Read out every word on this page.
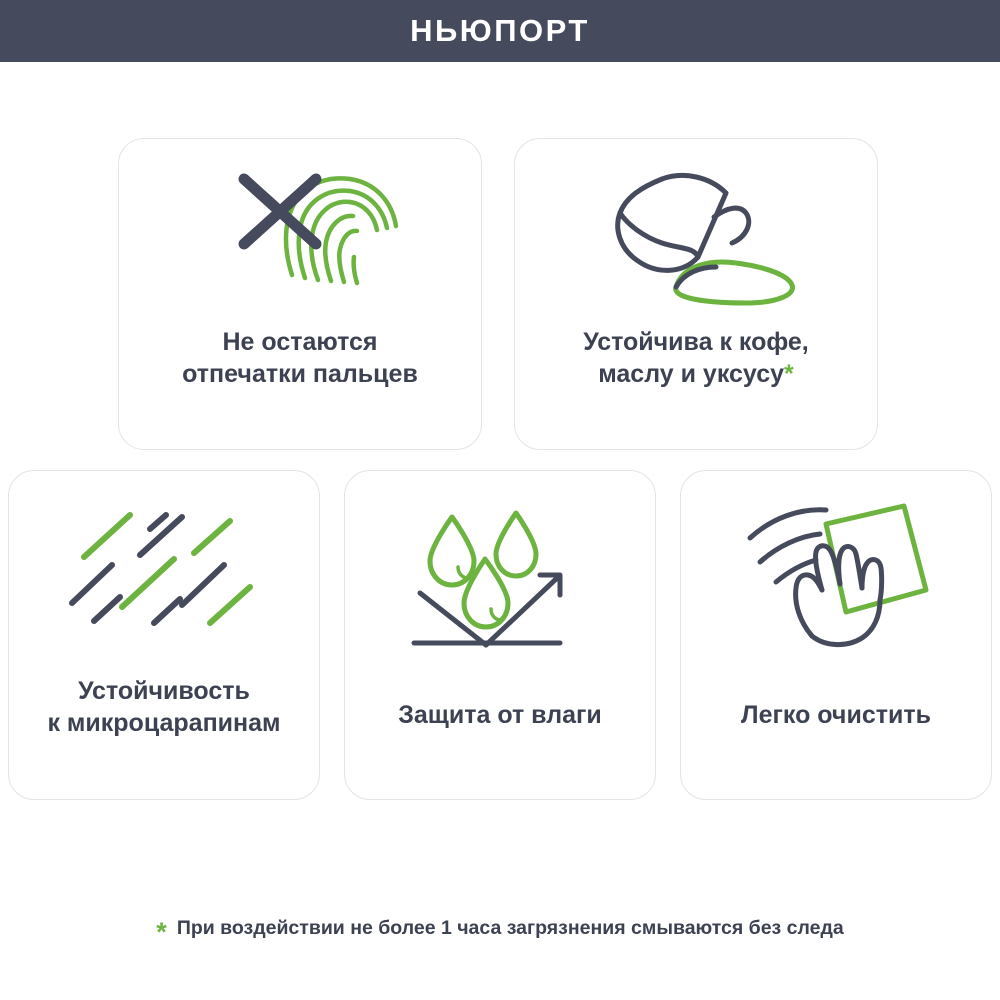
НЬЮПОРТ
Не остаются
отпечатки пальцев
Устойчива к кофе,
маслу и уксусу*
Устойчивость
к микроцарапинам	Защита от влаги	Легко очистить
* При воздействии не более 1 часа загрязнения смываются без следа
